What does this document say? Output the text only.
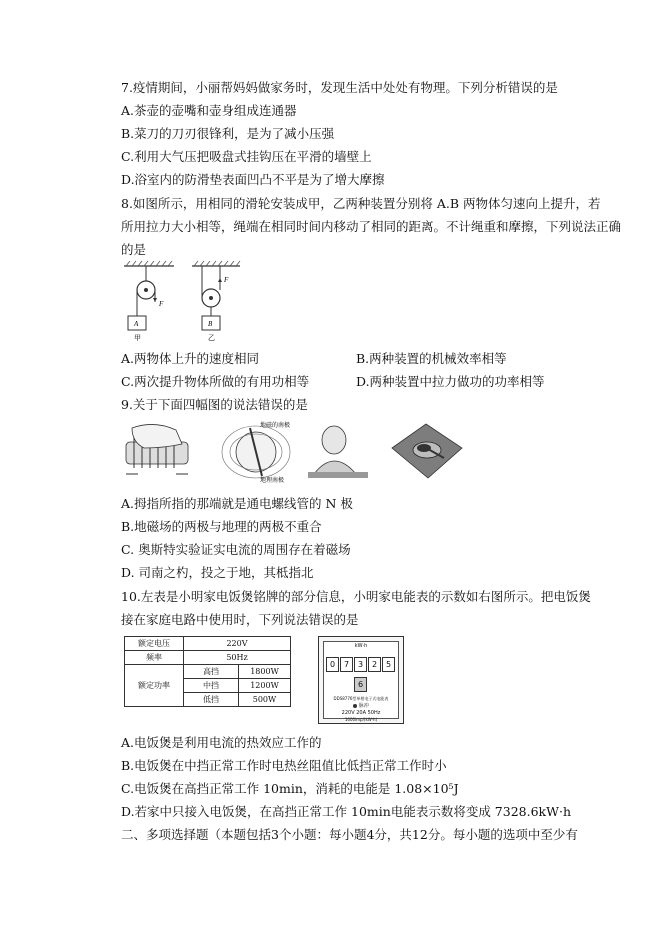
7.疫情期间，小丽帮妈妈做家务时，发现生活中处处有物理。下列分析错误的是
A.茶壶的壶嘴和壶身组成连通器
B.菜刀的刀刃很锋利，是为了减小压强
C.利用大气压把吸盘式挂钩压在平滑的墙壁上
D.浴室内的防滑垫表面凹凸不平是为了增大摩擦
8.如图所示，用相同的滑轮安装成甲，乙两种装置分别将 A.B 两物体匀速向上提升，若
所用拉力大小相等，绳端在相同时间内移动了相同的距离。不计绳重和摩擦，下列说法正确
的是
F
A
甲
F
B
乙
A.两物体上升的速度相同	B.两种装置的机械效率相等
C.两次提升物体所做的有用功相等	D.两种装置中拉力做功的功率相等
9.关于下面四幅图的说法错误的是
地磁的南极
地理南极
A.拇指所指的那端就是通电螺线管的 N 极
B.地磁场的两极与地理的两极不重合
C. 奥斯特实验证实电流的周围存在着磁场
D. 司南之杓，投之于地，其柢指北
10.左表是小明家电饭煲铭牌的部分信息，小明家电能表的示数如右图所示。把电饭煲
接在家庭电路中使用时，下列说法错误的是
额定电压	220V	
频率	50Hz	
额定功率	高挡	1800W
	中挡	1200W
	低挡	500W
kW·h
0 7 3 2 56
DDS8776型单相电子式电能表
脉冲
220V 20A 50Hz
1600imp/(kW·h)
A.电饭煲是利用电流的热效应工作的
B.电饭煲在中挡正常工作时电热丝阻值比低挡正常工作时小
C.电饭煲在高挡正常工作 10min，消耗的电能是 1.08×10⁵J
D.若家中只接入电饭煲，在高挡正常工作 10min电能表示数将变成 7328.6kW·h
二、多项选择题（本题包括3个小题：每小题4分，共12分。每小题的选项中至少有
